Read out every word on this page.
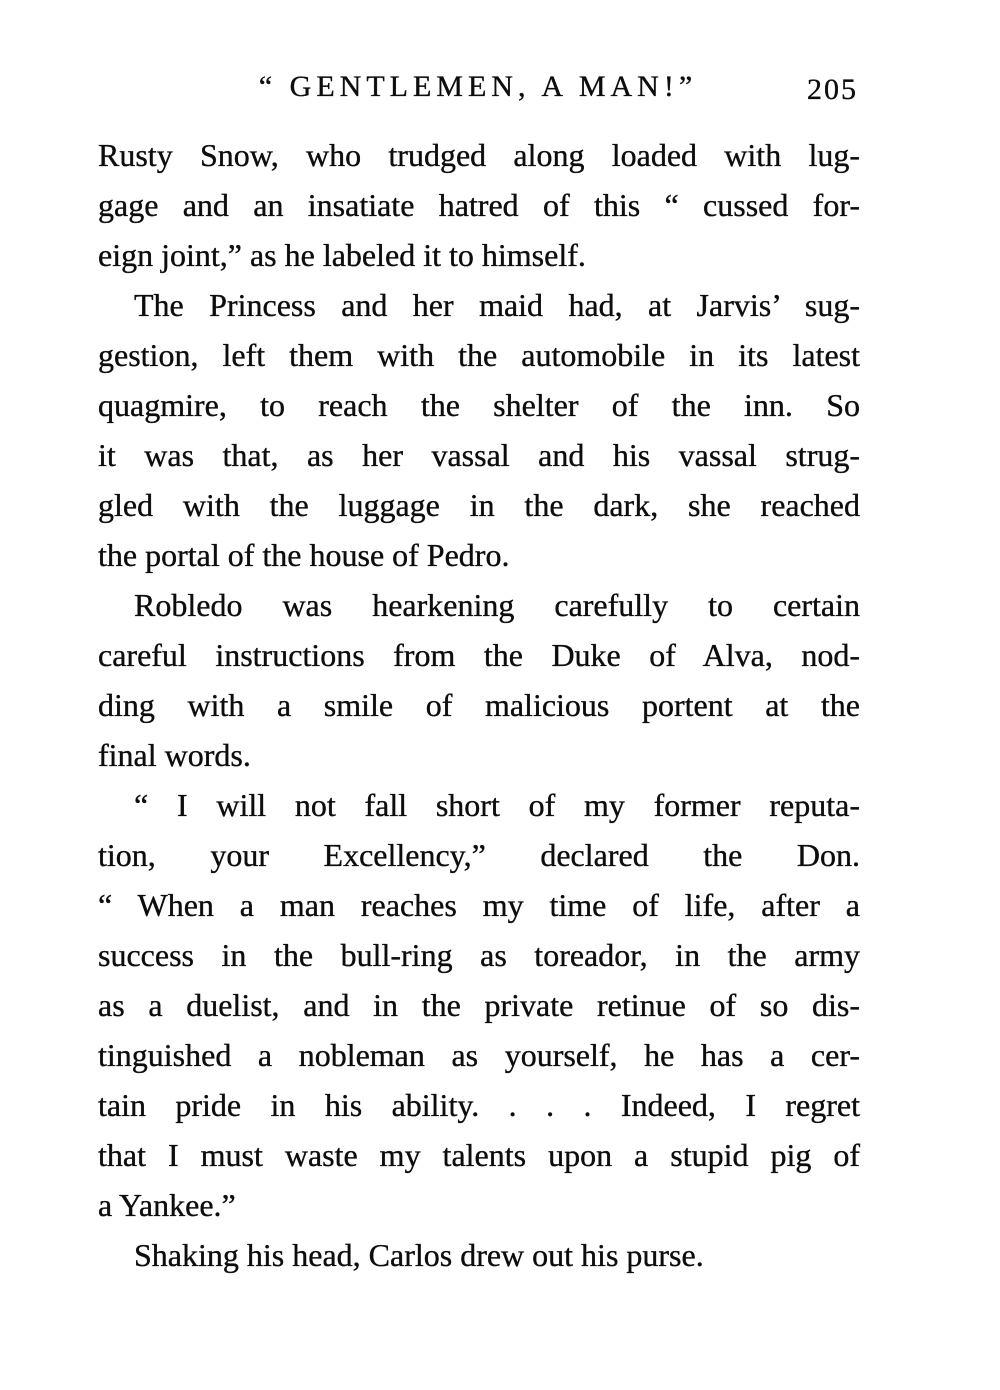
“ GENTLEMEN, A MAN!”	205

Rusty Snow, who trudged along loaded with lug-
gage and an insatiate hatred of this “ cussed for-
eign joint,” as he labeled it to himself.

The Princess and her maid had, at Jarvis’ sug-
gestion, left them with the automobile in its latest
quagmire, to reach the shelter of the inn. So
it was that, as her vassal and his vassal strug-
gled with the luggage in the dark, she reached
the portal of the house of Pedro.

Robledo was hearkening carefully to certain
careful instructions from the Duke of Alva, nod-
ding with a smile of malicious portent at the
final words.

“ I will not fall short of my former reputa-
tion, your Excellency,” declared the Don.
“ When a man reaches my time of life, after a
success in the bull-ring as toreador, in the army
as a duelist, and in the private retinue of so dis-
tinguished a nobleman as yourself, he has a cer-
tain pride in his ability. . . . Indeed, I regret
that I must waste my talents upon a stupid pig of
a Yankee.”

Shaking his head, Carlos drew out his purse.
